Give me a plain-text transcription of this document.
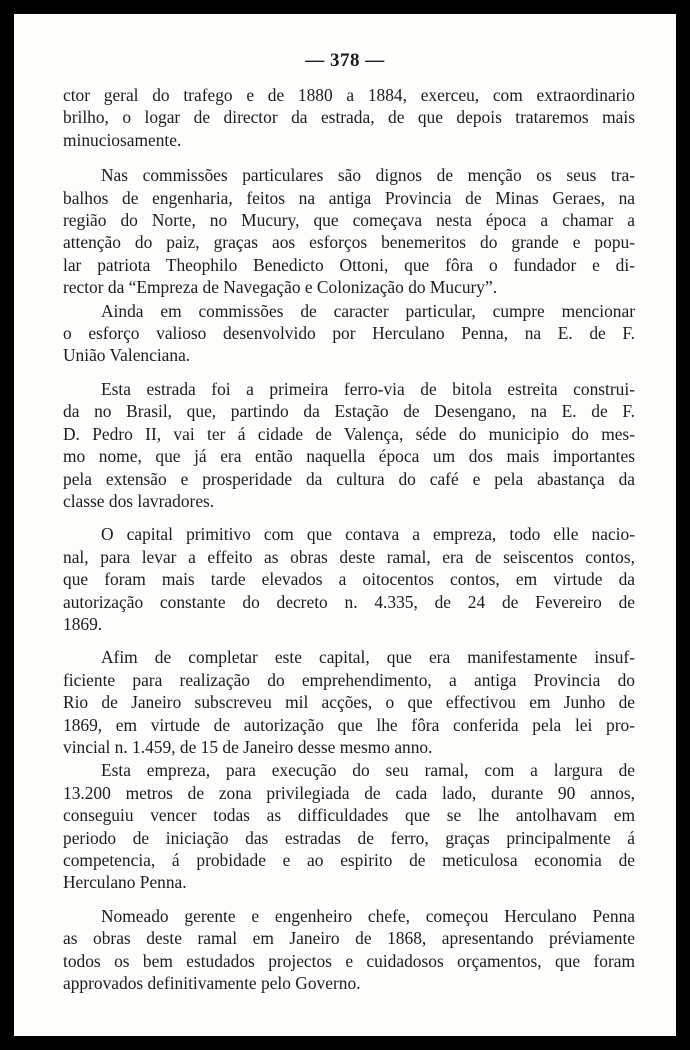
— 378 —

ctor geral do trafego e de 1880 a 1884, exerceu, com extraordinario
brilho, o logar de director da estrada, de que depois trataremos mais
minuciosamente.

Nas commissões particulares são dignos de menção os seus tra-
balhos de engenharia, feitos na antiga Provincia de Minas Geraes, na
região do Norte, no Mucury, que começava nesta época a chamar a
attenção do paiz, graças aos esforços benemeritos do grande e popu-
lar patriota Theophilo Benedicto Ottoni, que fôra o fundador e di-
rector da “Empreza de Navegação e Colonização do Mucury”.

Ainda em commissões de caracter particular, cumpre mencionar
o esforço valioso desenvolvido por Herculano Penna, na E. de F.
União Valenciana.

Esta estrada foi a primeira ferro-via de bitola estreita construi-
da no Brasil, que, partindo da Estação de Desengano, na E. de F.
D. Pedro II, vai ter á cidade de Valença, séde do municipio do mes-
mo nome, que já era então naquella época um dos mais importantes
pela extensão e prosperidade da cultura do café e pela abastança da
classe dos lavradores.

O capital primitivo com que contava a empreza, todo elle nacio-
nal, para levar a effeito as obras deste ramal, era de seiscentos contos,
que foram mais tarde elevados a oitocentos contos, em virtude da
autorização constante do decreto n. 4.335, de 24 de Fevereiro de
1869.

Afim de completar este capital, que era manifestamente insuf-
ficiente para realização do emprehendimento, a antiga Provincia do
Rio de Janeiro subscreveu mil acções, o que effectivou em Junho de
1869, em virtude de autorização que lhe fôra conferida pela lei pro-
vincial n. 1.459, de 15 de Janeiro desse mesmo anno.

Esta empreza, para execução do seu ramal, com a largura de
13.200 metros de zona privilegiada de cada lado, durante 90 annos,
conseguiu vencer todas as difficuldades que se lhe antolhavam em
periodo de iniciação das estradas de ferro, graças principalmente á
competencia, á probidade e ao espirito de meticulosa economia de
Herculano Penna.

Nomeado gerente e engenheiro chefe, começou Herculano Penna
as obras deste ramal em Janeiro de 1868, apresentando préviamente
todos os bem estudados projectos e cuidadosos orçamentos, que foram
approvados definitivamente pelo Governo.
